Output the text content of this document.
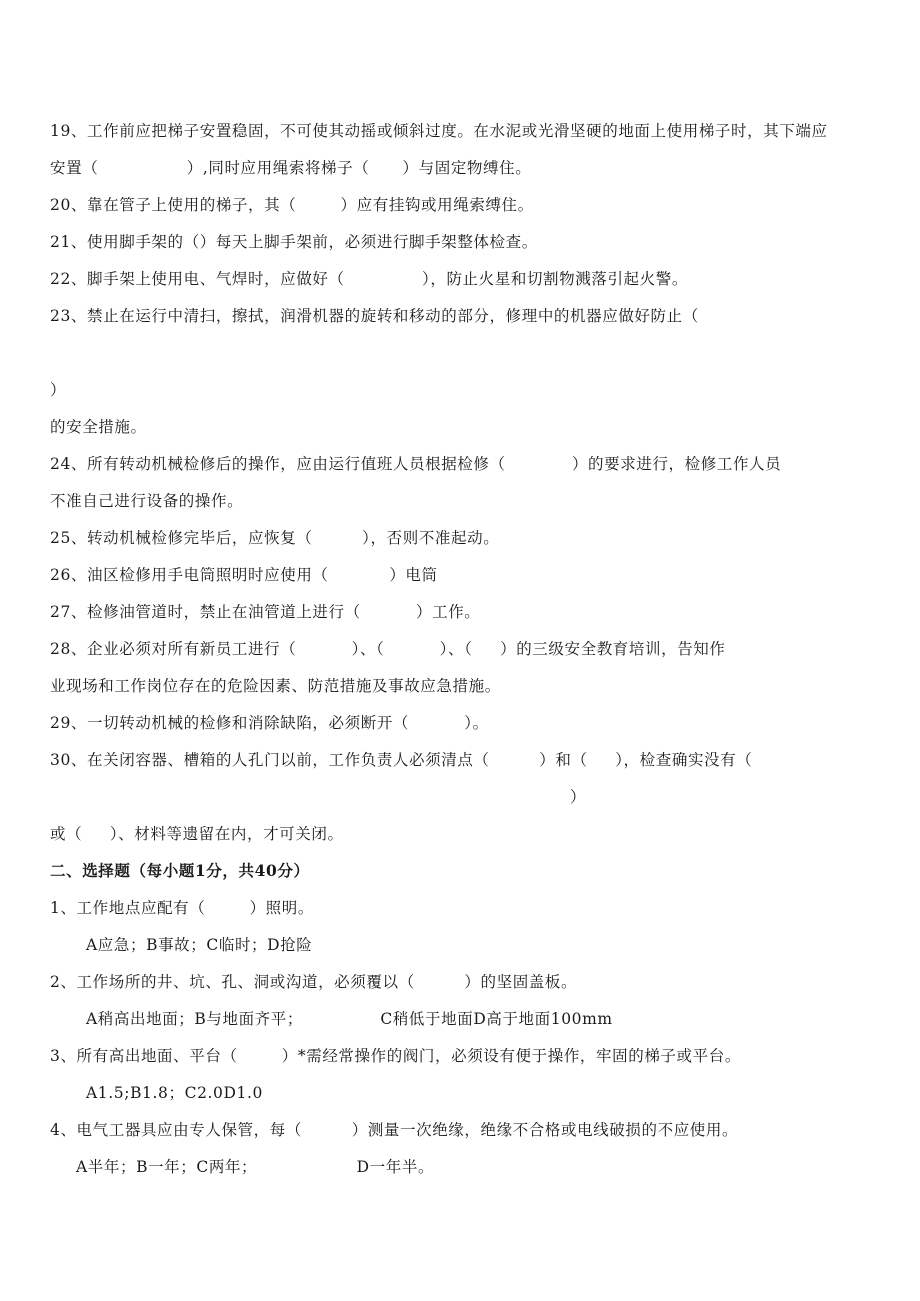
19、工作前应把梯子安置稳固，不可使其动摇或倾斜过度。在水泥或光滑坚硬的地面上使用梯子时，其下端应
安置（                ）,同时应用绳索将梯子（      ）与固定物缚住。
20、靠在管子上使用的梯子，其（        ）应有挂钩或用绳索缚住。
21、使用脚手架的（）每天上脚手架前，必须进行脚手架整体检查。
22、脚手架上使用电、气焊时，应做好（              ），防止火星和切割物溅落引起火警。
23、禁止在运行中清扫，擦拭，润滑机器的旋转和移动的部分，修理中的机器应做好防止（
）
的安全措施。
24、所有转动机械检修后的操作，应由运行值班人员根据检修（            ）的要求进行，检修工作人员
不准自己进行设备的操作。
25、转动机械检修完毕后，应恢复（         ），否则不准起动。
26、油区检修用手电筒照明时应使用（           ）电筒
27、检修油管道时，禁止在油管道上进行（          ）工作。
28、企业必须对所有新员工进行（          ）、（          ）、（     ）的三级安全教育培训，告知作
业现场和工作岗位存在的危险因素、防范措施及事故应急措施。
29、一切转动机械的检修和消除缺陷，必须断开（          ）。
30、在关闭容器、槽箱的人孔门以前，工作负责人必须清点（         ）和（     ），检查确实没有（
）
或（     ）、材料等遗留在内，才可关闭。
二、选择题（每小题1分，共40分）
1、工作地点应配有（        ）照明。
A应急；B事故；C临时；D抢险
2、工作场所的井、坑、孔、洞或沟道，必须覆以（         ）的坚固盖板。
A稍高出地面；B与地面齐平；              C稍低于地面D高于地面100mm
3、所有高出地面、平台（        ）*需经常操作的阀门，必须设有便于操作，牢固的梯子或平台。
A1.5;B1.8；C2.0D1.0
4、电气工器具应由专人保管，每（         ）测量一次绝缘，绝缘不合格或电线破损的不应使用。
A半年；B一年；C两年；                  D一年半。
